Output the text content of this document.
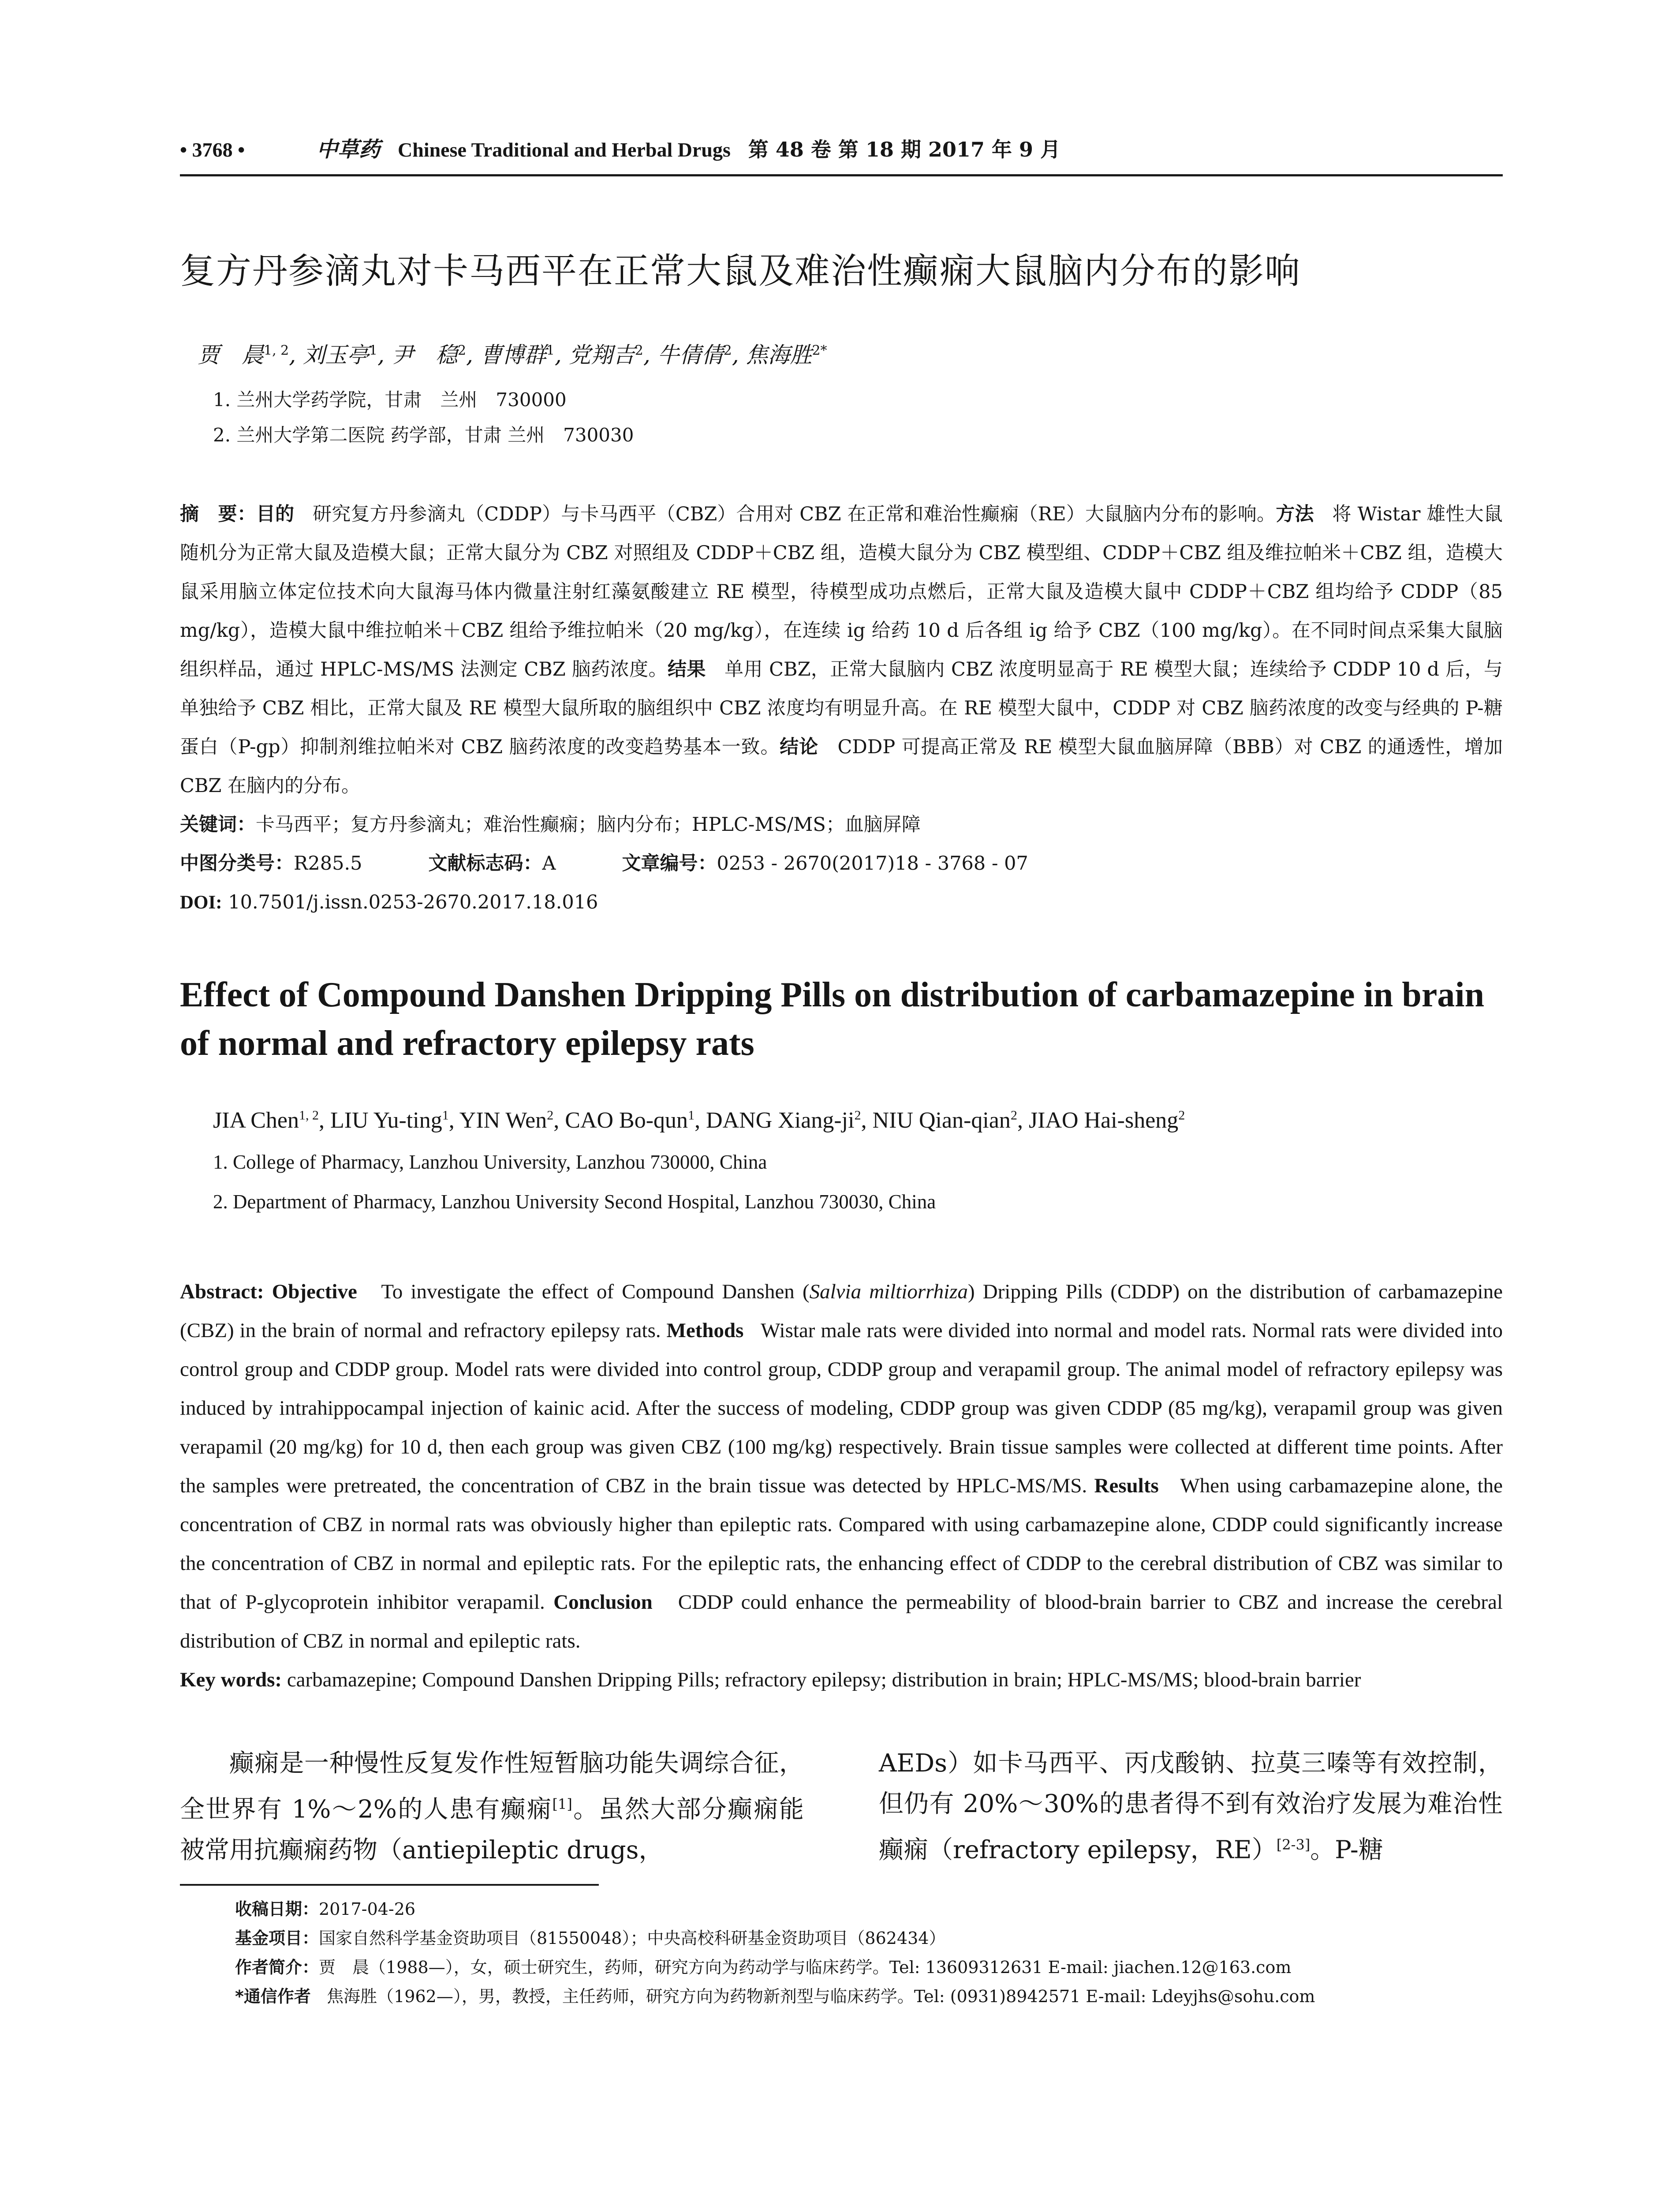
• 3768 •	中草药 Chinese Traditional and Herbal Drugs 第 48 卷 第 18 期 2017 年 9 月
复方丹参滴丸对卡马西平在正常大鼠及难治性癫痫大鼠脑内分布的影响
贾　晨$^{1, 2}$, 刘玉亭$^1$, 尹　稳$^2$, 曹博群$^1$, 党翔吉$^2$, 牛倩倩$^2$, 焦海胜$^{2*}$
1. 兰州大学药学院，甘肃　兰州　730000
2. 兰州大学第二医院 药学部，甘肃 兰州　730030
摘　要：目的 研究复方丹参滴丸（CDDP）与卡马西平（CBZ）合用对 CBZ 在正常和难治性癫痫（RE）大鼠脑内分布的影响。方法 将 Wistar 雄性大鼠随机分为正常大鼠及造模大鼠；正常大鼠分为 CBZ 对照组及 CDDP＋CBZ 组，造模大鼠分为 CBZ 模型组、CDDP＋CBZ 组及维拉帕米＋CBZ 组，造模大鼠采用脑立体定位技术向大鼠海马体内微量注射红藻氨酸建立 RE 模型，待模型成功点燃后，正常大鼠及造模大鼠中 CDDP＋CBZ 组均给予 CDDP（85 mg/kg），造模大鼠中维拉帕米＋CBZ 组给予维拉帕米（20 mg/kg），在连续 ig 给药 10 d 后各组 ig 给予 CBZ（100 mg/kg）。在不同时间点采集大鼠脑组织样品，通过 HPLC-MS/MS 法测定 CBZ 脑药浓度。结果 单用 CBZ，正常大鼠脑内 CBZ 浓度明显高于 RE 模型大鼠；连续给予 CDDP 10 d 后，与单独给予 CBZ 相比，正常大鼠及 RE 模型大鼠所取的脑组织中 CBZ 浓度均有明显升高。在 RE 模型大鼠中，CDDP 对 CBZ 脑药浓度的改变与经典的 P-糖蛋白（P-gp）抑制剂维拉帕米对 CBZ 脑药浓度的改变趋势基本一致。结论 CDDP 可提高正常及 RE 模型大鼠血脑屏障（BBB）对 CBZ 的通透性，增加 CBZ 在脑内的分布。
关键词：卡马西平；复方丹参滴丸；难治性癫痫；脑内分布；HPLC-MS/MS；血脑屏障
中图分类号：R285.5	文献标志码：A	文章编号：0253 - 2670(2017)18 - 3768 - 07
DOI: 10.7501/j.issn.0253-2670.2017.18.016
Effect of Compound Danshen Dripping Pills on distribution of carbamazepine in brain of normal and refractory epilepsy rats
JIA Chen$^{1, 2}$, LIU Yu-ting$^1$, YIN Wen$^2$, CAO Bo-qun$^1$, DANG Xiang-$ji^2$, NIU Qian-qian$^2$, JIAO Hai-sheng$^2$
1. College of Pharmacy, Lanzhou University, Lanzhou 730000, China
2. Department of Pharmacy, Lanzhou University Second Hospital, Lanzhou 730030, China
Abstract: Objective To investigate the effect of Compound Danshen (Salvia miltiorrhiza) Dripping Pills (CDDP) on the distribution of carbamazepine (CBZ) in the brain of normal and refractory epilepsy rats. Methods Wistar male rats were divided into normal and model rats. Normal rats were divided into control group and CDDP group. Model rats were divided into control group, CDDP group and verapamil group. The animal model of refractory epilepsy was induced by intrahippocampal injection of kainic acid. After the success of modeling, CDDP group was given CDDP (85 mg/kg), verapamil group was given verapamil (20 mg/kg) for 10 d, then each group was given CBZ (100 mg/kg) respectively. Brain tissue samples were collected at different time points. After the samples were pretreated, the concentration of CBZ in the brain tissue was detected by HPLC-MS/MS. Results When using carbamazepine alone, the concentration of CBZ in normal rats was obviously higher than epileptic rats. Compared with using carbamazepine alone, CDDP could significantly increase the concentration of CBZ in normal and epileptic rats. For the epileptic rats, the enhancing effect of CDDP to the cerebral distribution of CBZ was similar to that of P-glycoprotein inhibitor verapamil. Conclusion CDDP could enhance the permeability of blood-brain barrier to CBZ and increase the cerebral distribution of CBZ in normal and epileptic rats.
Key words: carbamazepine; Compound Danshen Dripping Pills; refractory epilepsy; distribution in brain; HPLC-MS/MS; blood-brain barrier
癫痫是一种慢性反复发作性短暂脑功能失调综合征，全世界有 1%～2%的人患有癫痫[1]。虽然大部分癫痫能被常用抗癫痫药物（antiepileptic drugs，
AEDs）如卡马西平、丙戊酸钠、拉莫三嗪等有效控制，但仍有 20%～30%的患者得不到有效治疗发展为难治性癫痫（refractory epilepsy，RE）[2-3]。P-糖
收稿日期：2017-04-26
基金项目：国家自然科学基金资助项目（81550048）；中央高校科研基金资助项目（862434）
作者简介：贾　晨（1988—），女，硕士研究生，药师，研究方向为药动学与临床药学。Tel: 13609312631 E-mail: jiachen.12@163.com
*通信作者 焦海胜（1962—），男，教授，主任药师，研究方向为药物新剂型与临床药学。Tel: (0931)8942571 E-mail: Ldeyjhs@sohu.com
